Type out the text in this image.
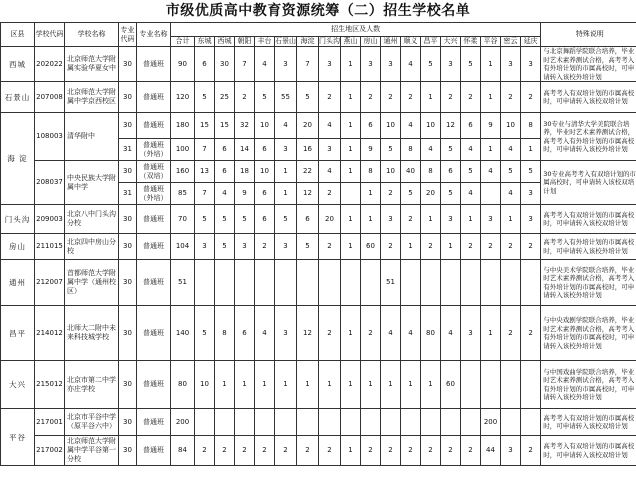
市级优质高中教育资源统筹（二）招生学校名单
区县	学校代码	学校名称	专业代码	专业名称	招生地区及人数																		特殊说明
					合计	东城	西城	朝阳	丰台	石景山	海淀	门头沟	燕山	房山	通州	顺义	昌平	大兴	怀柔	平谷	密云	延庆	
西城	202022	北京师范大学附属实验华夏女中	30	普通班	90	6	30	7	4	3	7	3	1	3	3	4	5	3	5	1	3	3	与北京舞蹈学院联合培养，毕业时艺术素养测试合格，高考考入有外培计划的市属高校时，可申请转入该校外培计划
石景山	207008	北京师范大学附属中学京西校区	30	普通班	120	5	25	2	5	55	5	2	1	2	2	2	1	2	2	1	2	2	高考考入有双培计划的市属高校时，可申请转入该校双培计划
海 淀	108003	清华附中	30	普通班	180	15	15	32	10	4	20	4	1	6	10	4	10	12	6	9	10	8	30专业与清华大学美院联合培养，毕业时艺术素养测试合格，高考考入有外培计划的市属高校时，可申请转入该校外培计划
			31	普通班（外培）	100	7	6	14	6	3	16	3	1	9	5	8	4	5	4	1	4	1	
	208037	中央民族大学附属中学	30	普通班（双培）	160	13	6	18	10	1	22	4	1	8	10	40	8	6	5	4	5	5	30专业高考考入有双培计划的市属高校时，可申请转入该校双培计划
			31	普通班（外培）	85	7	4	9	6	1	12	2		1	2	5	20	5	4		4	3	
门头沟	209003	北京八中门头沟分校	30	普通班	70	5	5	5	6	5	6	20	1	1	3	2	1	3	1	3	1	3	高考考入有双培计划的市属高校时，可申请转入该校双培计划
房山	211015	北京四中房山分校	30	普通班	104	3	5	3	2	3	5	2	1	60	2	1	2	1	2	2	2	2	高考考入有外培计划的市属高校时，可申请转入该校外培计划
通州	212007	首都师范大学附属中学（通州校区）	30	普通班	51										51								与中央美术学院联合培养，毕业时艺术素养测试合格，高考考入有外培计划的市属高校时，可申请转入该校外培计划
昌平	214012	北师大二附中未来科技城学校	30	普通班	140	5	8	6	4	3	12	2	1	2	4	4	80	4	3	1	2	2	与中央戏剧学院联合培养，毕业时艺术素养测试合格，高考考入有外培计划的市属高校时，可申请转入该校外培计划
大兴	215012	北京市第二中学亦庄学校	30	普通班	80	10	1	1	1	1	1	1	1	1	1	1	1	60					与中国戏曲学院联合培养，毕业时艺术素养测试合格，高考考入有外培计划的市属高校时，可申请转入该校外培计划
平谷	217001	北京市平谷中学（原平谷六中）	30	普通班	200															200			高考考入有双培计划的市属高校时，可申请转入该校双培计划
	217002	北京师范大学附属中学平谷第一分校	30	普通班	84	2	2	2	2	2	2	2	1	2	2	2	2	2	2	44	3	2	高考考入有双培计划的市属高校时，可申请转入该校双培计划
